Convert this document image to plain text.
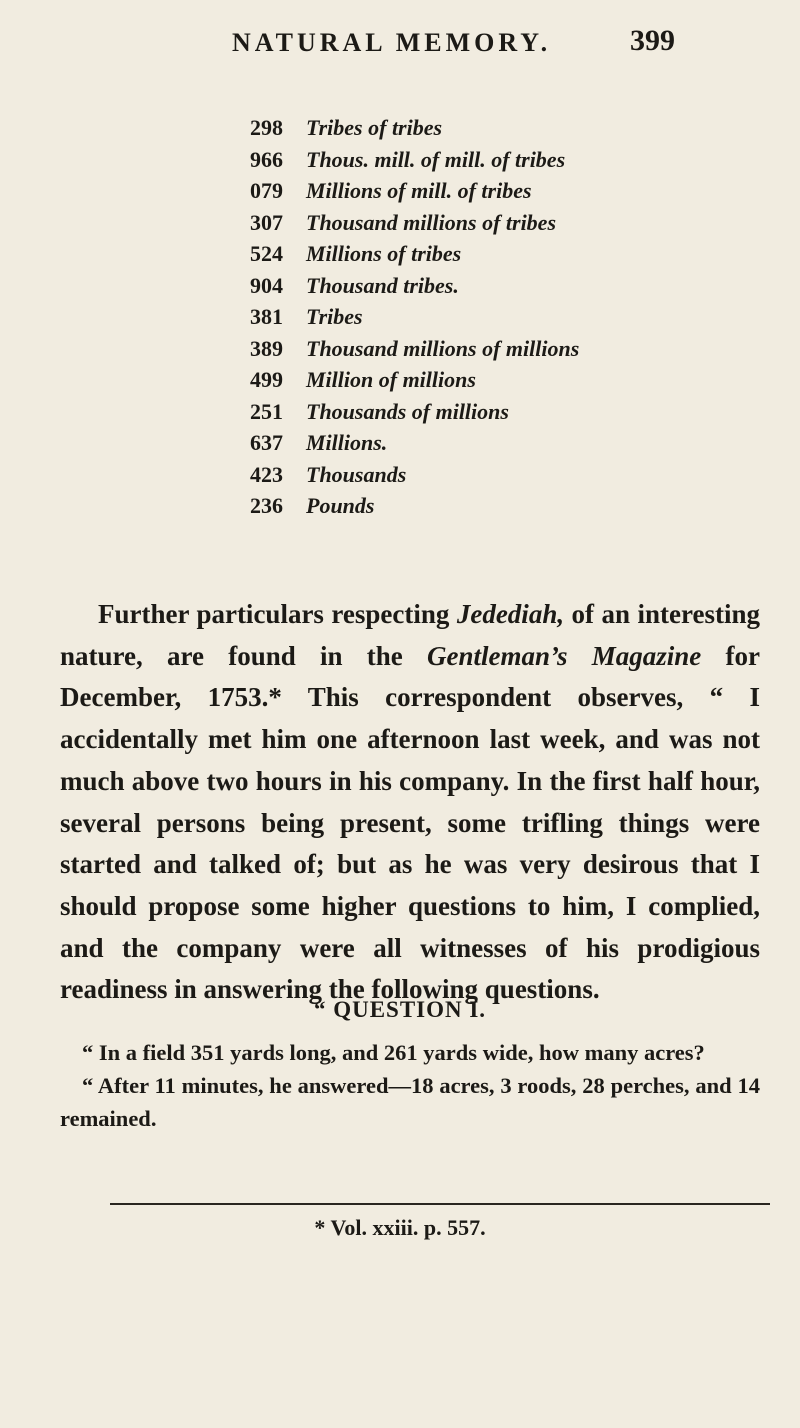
NATURAL MEMORY.	399
298	Tribes of tribes
966	Thous. mill. of mill. of tribes
079	Millions of mill. of tribes
307	Thousand millions of tribes
524	Millions of tribes
904	Thousand tribes.
381	Tribes
389	Thousand millions of millions
499	Million of millions
251	Thousands of millions
637	Millions.
423	Thousands
236	Pounds

Further particulars respecting Jedediah, of an interesting nature, are found in the Gentleman’s Magazine for December, 1753.* This correspondent observes, “ I accidentally met him one afternoon last week, and was not much above two hours in his company. In the first half hour, several persons being present, some trifling things were started and talked of; but as he was very desirous that I should propose some higher questions to him, I complied, and the company were all witnesses of his prodigious readiness in answering the following questions.

“ QUESTION I.

“ In a field 351 yards long, and 261 yards wide, how many acres?

“ After 11 minutes, he answered—18 acres, 3 roods, 28 perches, and 14 remained.

* Vol. xxiii. p. 557.
